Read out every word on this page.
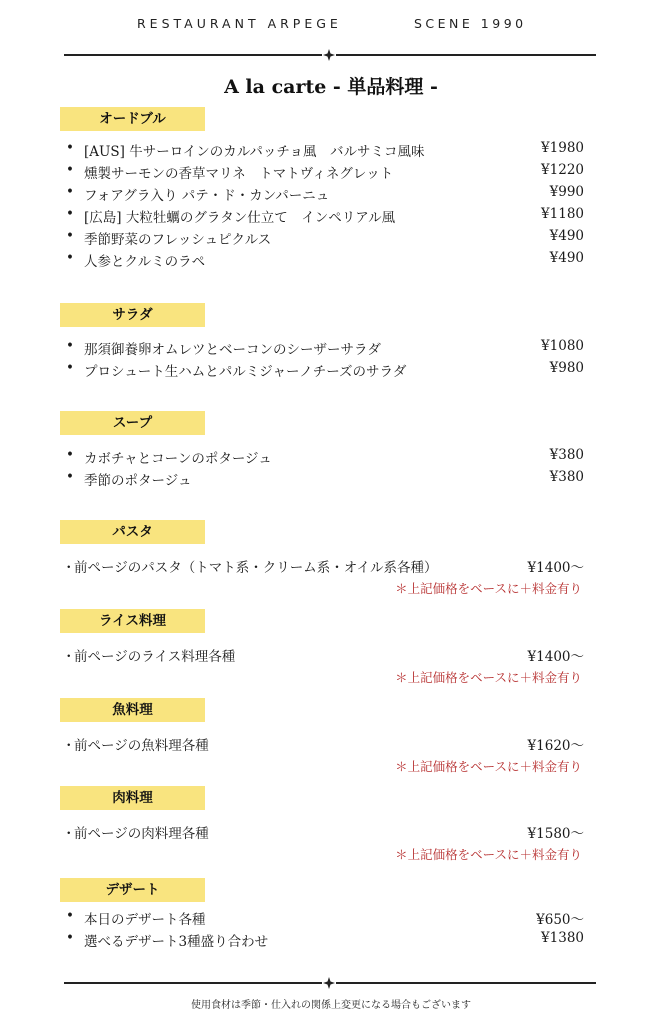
RESTAURANT ARPEGE	SCENE 1990
A la carte - 単品料理 -
オードブル
• [AUS] 牛サーロインのカルパッチョ風　バルサミコ風味	¥1980
• 燻製サーモンの香草マリネ　トマトヴィネグレット	¥1220
• フォアグラ入り パテ・ド・カンパーニュ	¥990
• [広島] 大粒牡蠣のグラタン仕立て　インペリアル風	¥1180
• 季節野菜のフレッシュピクルス	¥490
• 人参とクルミのラペ	¥490
サラダ
• 那須御養卵オムレツとベーコンのシーザーサラダ	¥1080
• プロシュート生ハムとパルミジャーノチーズのサラダ	¥980
スープ
• カボチャとコーンのポタージュ	¥380
• 季節のポタージュ	¥380
パスタ
・
前ページのパスタ（トマト系・クリーム系・オイル系各種）	¥1400〜
＊上記価格をベースに＋料金有り
ライス料理
・
前ページのライス料理各種	¥1400〜
＊上記価格をベースに＋料金有り
魚料理
・
前ページの魚料理各種	¥1620〜
＊上記価格をベースに＋料金有り
肉料理
・
前ページの肉料理各種	¥1580〜
＊上記価格をベースに＋料金有り
デザート
• 本日のデザート各種	¥650〜
• 選べるデザート3種盛り合わせ	¥1380
使用食材は季節・仕入れの関係上変更になる場合もございます
